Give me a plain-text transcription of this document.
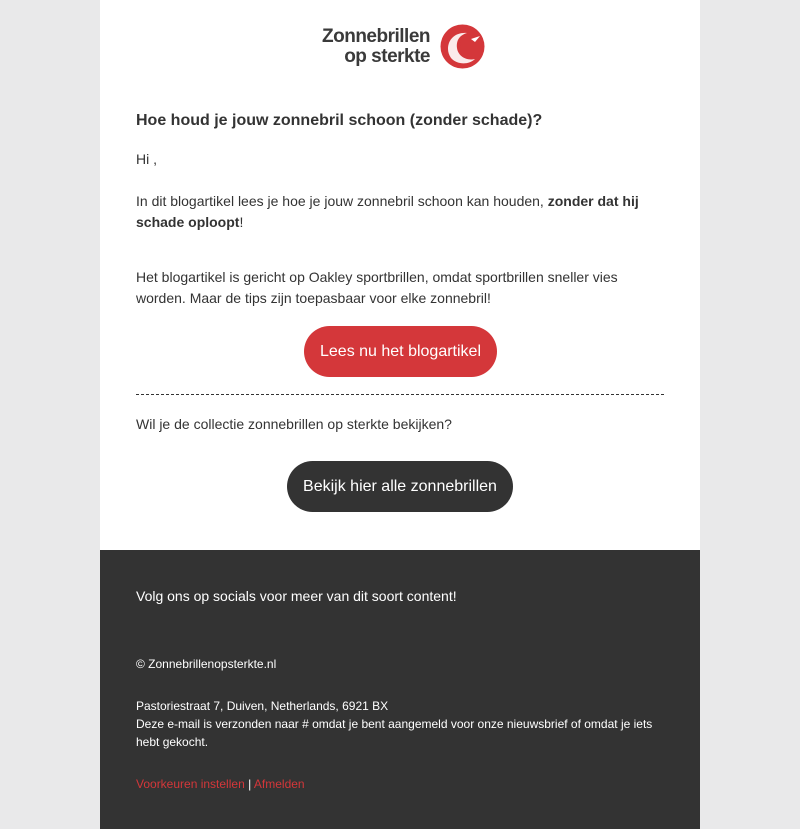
Zonnebrillen
op sterkte
Hoe houd je jouw zonnebril schoon (zonder schade)?

Hi ,

In dit blogartikel lees je hoe je jouw zonnebril schoon kan houden, zonder dat hij schade oploopt!

Het blogartikel is gericht op Oakley sportbrillen, omdat sportbrillen sneller vies worden. Maar de tips zijn toepasbaar voor elke zonnebril!

Lees nu het blogartikel

Wil je de collectie zonnebrillen op sterkte bekijken?

Bekijk hier alle zonnebrillen
Volg ons op socials voor meer van dit soort content!
© Zonnebrillenopsterkte.nl
Pastoriestraat 7, Duiven, Netherlands, 6921 BX
Deze e-mail is verzonden naar # omdat je bent aangemeld voor onze nieuwsbrief of omdat je iets hebt gekocht.
Voorkeuren instellen | Afmelden
